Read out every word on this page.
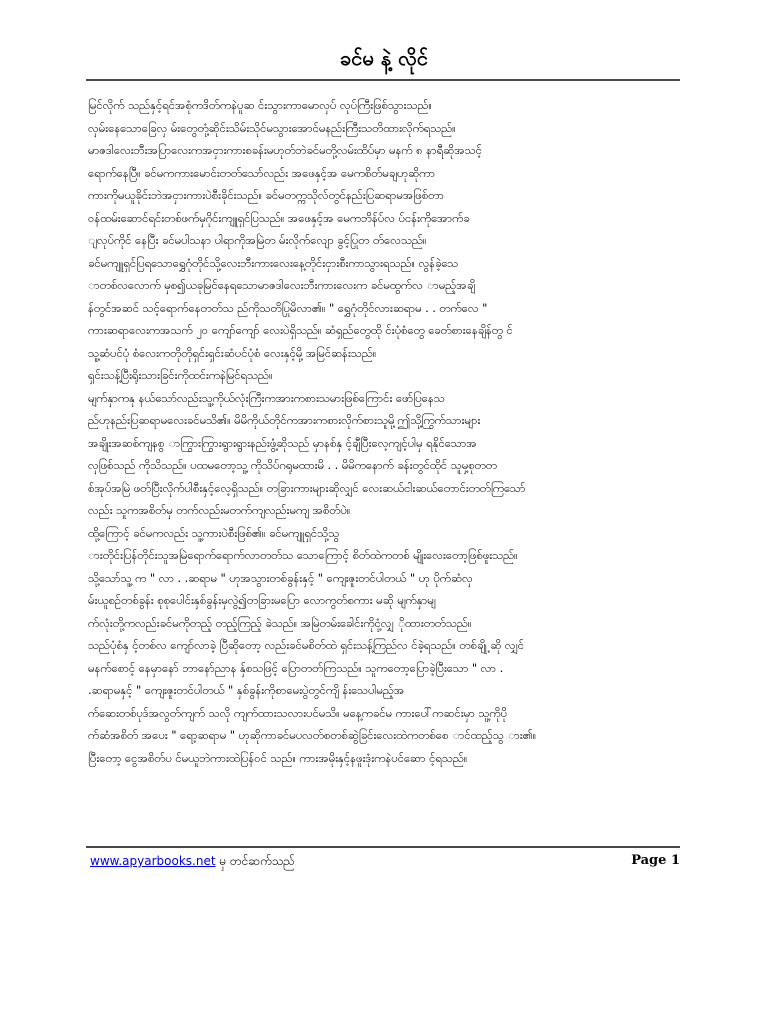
ခင်မ နဲ့ လိုင်
မြင်လိုက် သည်နှင့်ရင်အစုံကဒိတ်ကနဲပူဆ င်းသွားကာမောလှပ် လုပ်ကြီးဖြစ်သွားသည်။
လှမ်းနေသောခြေလှ မ်းတွေတုံ့ဆိုင်းသိမ်းသိုင်မသွားအောင်မနည်းကြီးသတိထားလိုက်ရသည်။
မာဇဒါလေးဘီးအပြာလေးကအငှားကားစခန်းမဟုတ်ဘဲခင်မတို့လမ်းထိပ်မှာ မနက် ၈ နာရီဆိုအသင့်
ရောက်နေပြီ။ ခင်မကကားမောင်းတတ်သော်လည်း အဖေနှင့်အ မေကစိတ်မချဟုဆိုကာ
ကားကိုမယူခိုင်းဘဲအငှားကားပဲစီးခိုင်းသည်။ ခင်မတက္ကသိုလ်တွင်နည်းပြဆရာမအဖြစ်တာ
ဝန်ထမ်းဆောင်ရင်းတစ်ဖက်မှဂိုင်းကျူရှင်ပြသည်။ အဖေနှင့်အ မေကဘိန်ပ်လ ပ်ငန်းကိုအောက်ခ
ျလုပ်ကိုင် နေပြီး ခင်မပါသနာ ပါရာကိုအမြဲတ မ်းလိုက်လျော ခွင့်ပြုတ တ်လေသည်။
ခင်မကျူရှင်ပြရသောရွှေဂုံတိုင်သို့လေးဘီးကားလေးနေ့တိုင်းငှားစီးကာသွားရသည်။ လွန်ခဲ့သေ
ာတစ်လလောက် မှစ၍ယခုမြင်နေရသောမာဇဒါလေးဘီးကားလေးက ခင်မထွက်လ ာမည့်အချိ
န်တွင်အဆင် သင့်ရောက်နေတတ်သ ည်ကိုသတိပြုမိလာ၏။ " ရွှေဂုံတိုင်လားဆရာမ . . တက်လေ "
ကားဆရာလေးကအသက် ၂၀ ကျော်ကျော် လေးပဲရှိသည်။ ဆံရှည်တွေထို င်းပုံစံတွေ ခေတ်စားနေချိန်တွ င်
သူ့ဆံပင်ပုံ စံလေးကတိုတိုရှင်းရှင်းဆံပင်ပုံစံ လေးနှင့်မို့ အမြင်ဆန်းသည်။
ရှင်းသန့်ပြီးရိုးသားခြင်းကိုထင်းကနဲမြင်ရသည်။
မျက်နှာကနု နယ်သော်လည်းသူ့ကိုယ်လုံးကြီးကအားကစားသမားဖြစ်ကြောင်း ဖော်ပြနေသ
ည်ဟုနည်းပြဆရာမလေးခင်မသိ၏။ မိမိကိုယ်တိုင်ကအားကစားလိုက်စားသူမို့ဤသို့ကြွက်သားများ
အချိုးအဆစ်ကျနစွ ာကြွားကြွားရွားရွားနည်းဖွံ့ဆိုသည် မှာနစ်နှ င့်ချီပြီးလေ့ကျင့်ပါမှ ရနိုင်သောအ
လှဖြစ်သည် ကိုသိသည်။ ပထမတော့သူ့ ကိုသိပ်ဂရုမထားမိ . . မိမိကနောက် ခန်းတွင်ထိုင် သူမှ့စုတတ
စ်အုပ်အမြဲ ဖတ်ပြီးလိုက်ပါစီးနှင့်လေ့ရှိသည်။ တခြားကားများဆိုလျှင် လေးဆယ်ငါးဆယ်တောင်းတတ်ကြသော်
လည်း သူကအစိတ်မှ တက်လည်းမတက်ကျလည်းမကျ အစိတ်ပဲ။
ထို့ကြောင့် ခင်မကလည်း သူ့ကားပဲစီးဖြစ်၏။ ခင်မကျူရှင်သို့သွ
ားတိုင်းပြန်တိုင်းသူအမြဲရောက်ရောက်လာတတ်သ သောကြောင့် စိတ်ထဲကတစ် မျိုးလေးတော့ဖြစ်ဖူးသည်။
သို့သော်သူ့ က " လာ . .ဆရာမ " ဟုအသွားတစ်ခွန်းနှင့် " ကျေးဇူးတင်ပါတယ် " ဟု ပိုက်ဆံလှ
မ်းယူစဉ်တစ်ခွန်း စုစုပေါင်းနှစ်ခွန်းမှလွဲ၍တခြားမပြော လောကွတ်စကား မဆို မျက်နှာမျ
က်လုံးတို့ကလည်းခင်မကိုတည့် တည့်ကြည့် ခဲသည်။ အမြဲတမ်းခေါင်းကိုငုံ့လျှ ိုထားတတ်သည်။
သည်ပုံစံနှ င့်တစ်လ ကျော်လာခဲ့ ပြီဆိုတော့ လည်းခင်မစိတ်ထဲ ရှင်းသန့်ကြည်လ င်ခဲ့ရသည်။ တစ်ချို့ ဆို လျှင်
မနက်စောင့် နေမှာနော် ဘာနော်ညာန နှ်စသဖြင့် ပြောတတ်ကြသည်။ သူကတော့ပြောခဲ့ပြီးသော " လာ .
.ဆရာမနှင့် " ကျေးဇူးတင်ပါတယ် " နှစ်ခွန်းကိုစာမေးပွဲတွင်ကျိ န်းသေပါမည့်အ
က်ဆေးတစ်ပုဒ်အလွတ်ကျက် သလို ကျက်ထားသလားပင်မသိ။ မနေ့ကခင်မ ကားပေါ်ကဆင်းမှာ သူ့ကိုပို
က်ဆံအစိတ် အပေး " ရော့ဆရာမ " ဟုဆိုကာခင်မပလတ်စတစ်ဆွဲခြင်းလေးထဲကတစ်စေ ာင်ထည့်သွ ား၏။
ပြီးတော့ ငွေအစိတ်ပ င်မယူဘဲကားထဲပြန်ဝင် သည်။ ကားအမိုးနှင့်နဖူးဒုံးကနဲပင်ဆော င့်ရသည်။
www.apyarbooks.net မှ တင်ဆက်သည်	Page 1
